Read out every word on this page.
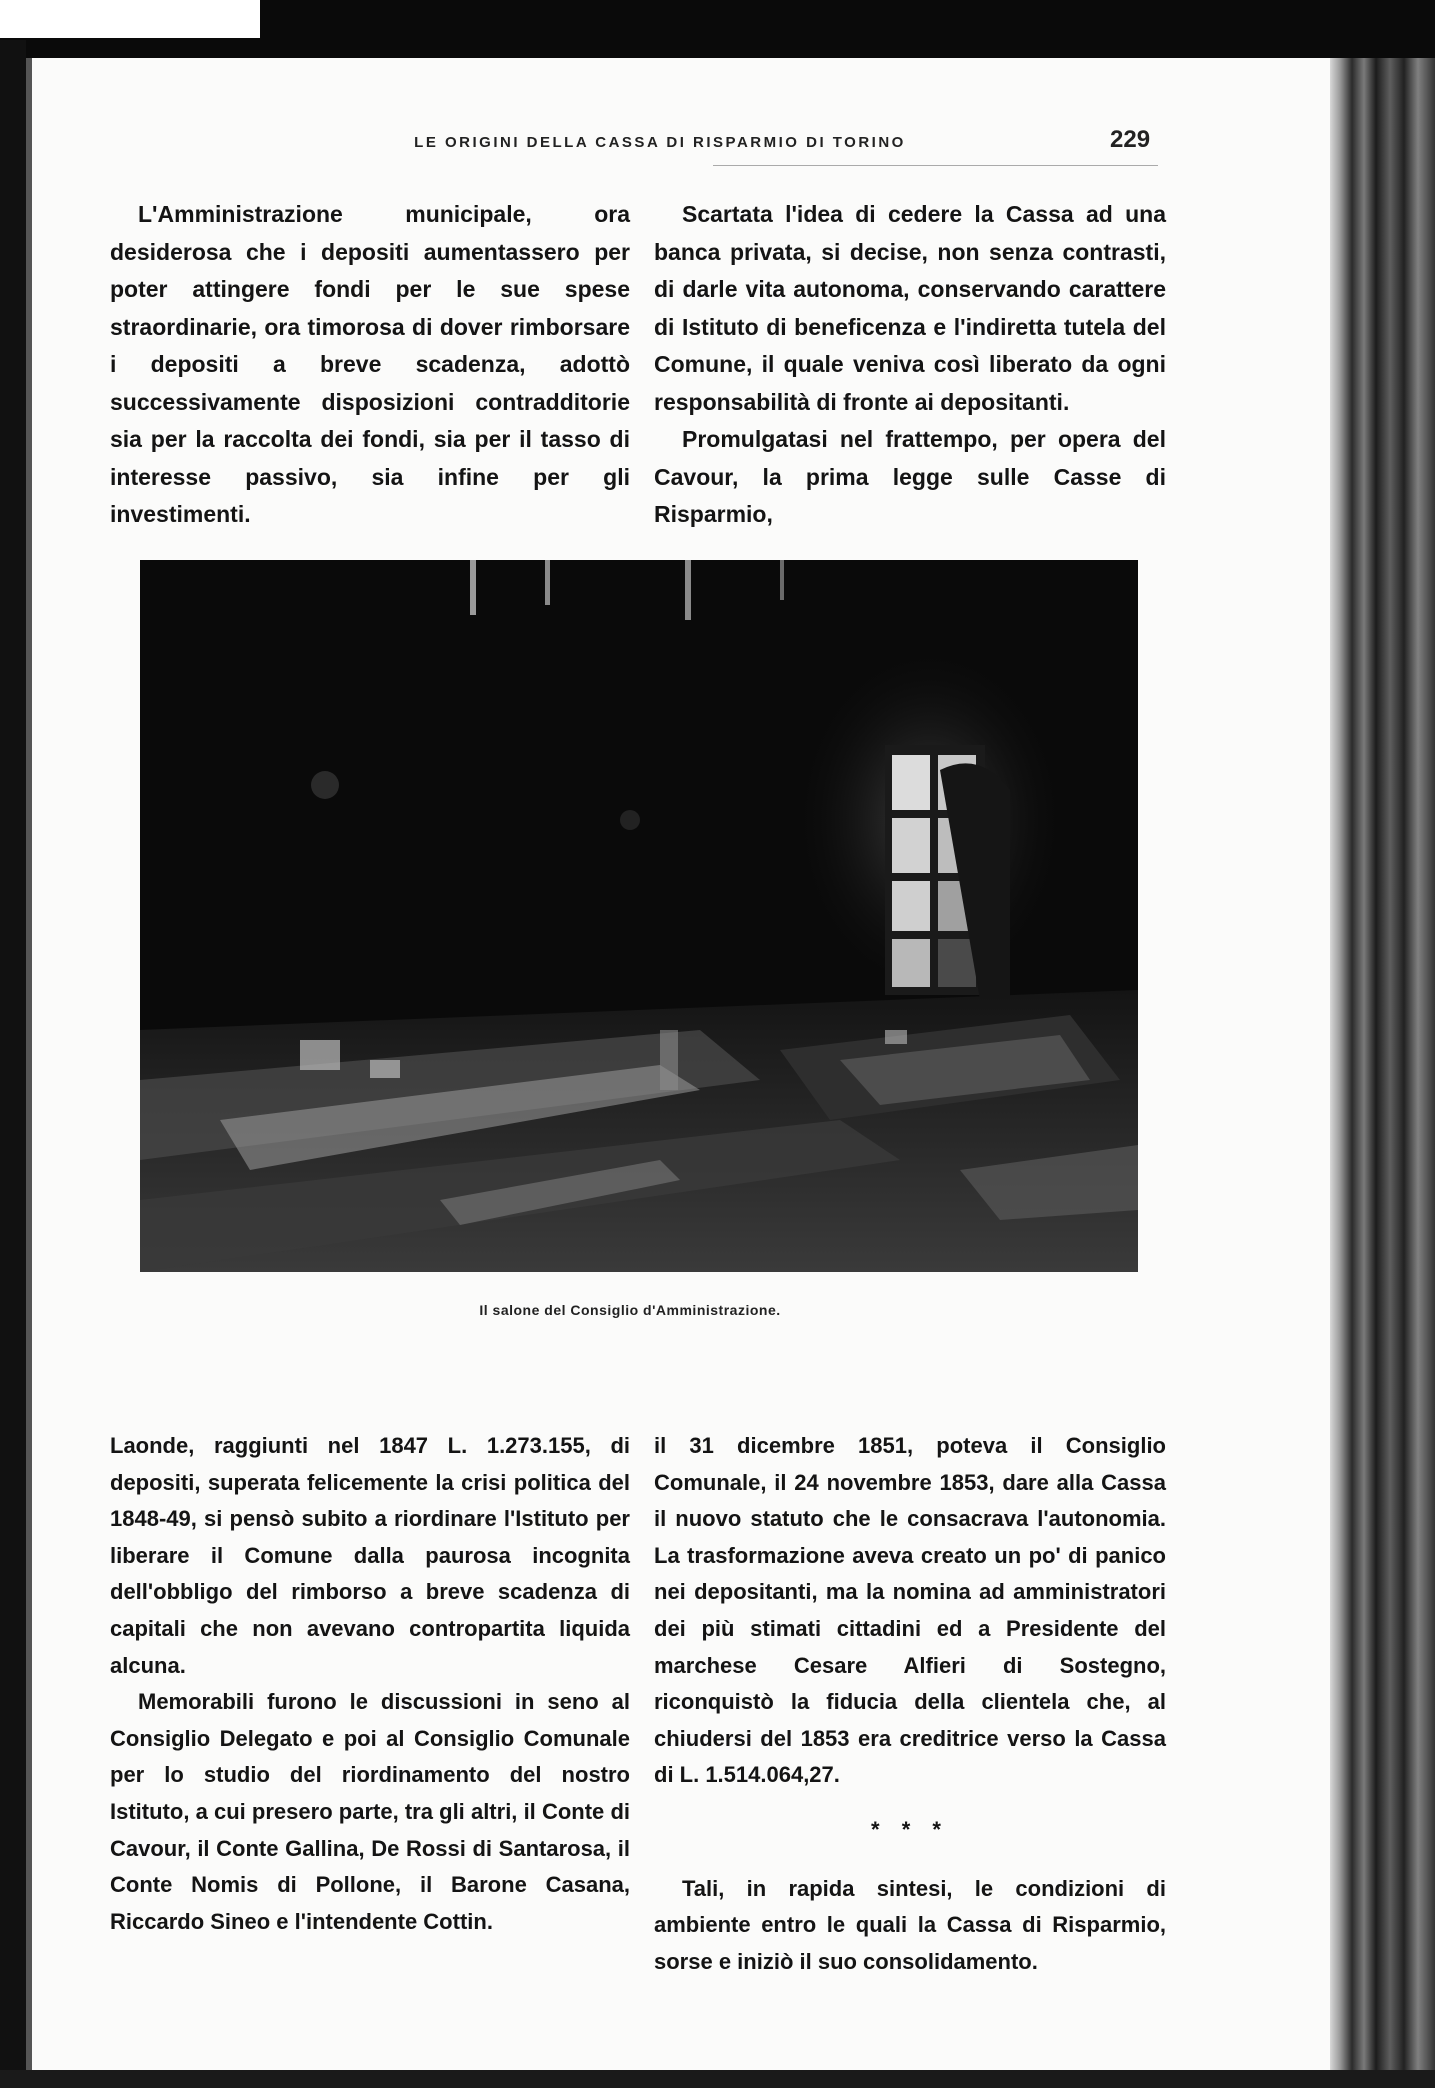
LE ORIGINI DELLA CASSA DI RISPARMIO DI TORINO	229

L'Amministrazione municipale, ora desiderosa che i depositi aumentassero per poter attingere fondi per le sue spese straordinarie, ora timorosa di dover rimborsare i depositi a breve scadenza, adottò successivamente disposizioni contradditorie sia per la raccolta dei fondi, sia per il tasso di interesse passivo, sia infine per gli investimenti.

Scartata l'idea di cedere la Cassa ad una banca privata, si decise, non senza contrasti, di darle vita autonoma, conservando carattere di Istituto di beneficenza e l'indiretta tutela del Comune, il quale veniva così liberato da ogni responsabilità di fronte ai depositanti.

Promulgatasi nel frattempo, per opera del Cavour, la prima legge sulle Casse di Risparmio,

Il salone del Consiglio d'Amministrazione.

Laonde, raggiunti nel 1847 L. 1.273.155, di depositi, superata felicemente la crisi politica del 1848-49, si pensò subito a riordinare l'Istituto per liberare il Comune dalla paurosa incognita dell'obbligo del rimborso a breve scadenza di capitali che non avevano contropartita liquida alcuna.

Memorabili furono le discussioni in seno al Consiglio Delegato e poi al Consiglio Comunale per lo studio del riordinamento del nostro Istituto, a cui presero parte, tra gli altri, il Conte di Cavour, il Conte Gallina, De Rossi di Santarosa, il Conte Nomis di Pollone, il Barone Casana, Riccardo Sineo e l'intendente Cottin.

il 31 dicembre 1851, poteva il Consiglio Comunale, il 24 novembre 1853, dare alla Cassa il nuovo statuto che le consacrava l'autonomia. La trasformazione aveva creato un po' di panico nei depositanti, ma la nomina ad amministratori dei più stimati cittadini ed a Presidente del marchese Cesare Alfieri di Sostegno, riconquistò la fiducia della clientela che, al chiudersi del 1853 era creditrice verso la Cassa di L. 1.514.064,27.

* * *

Tali, in rapida sintesi, le condizioni di ambiente entro le quali la Cassa di Risparmio, sorse e iniziò il suo consolidamento.
